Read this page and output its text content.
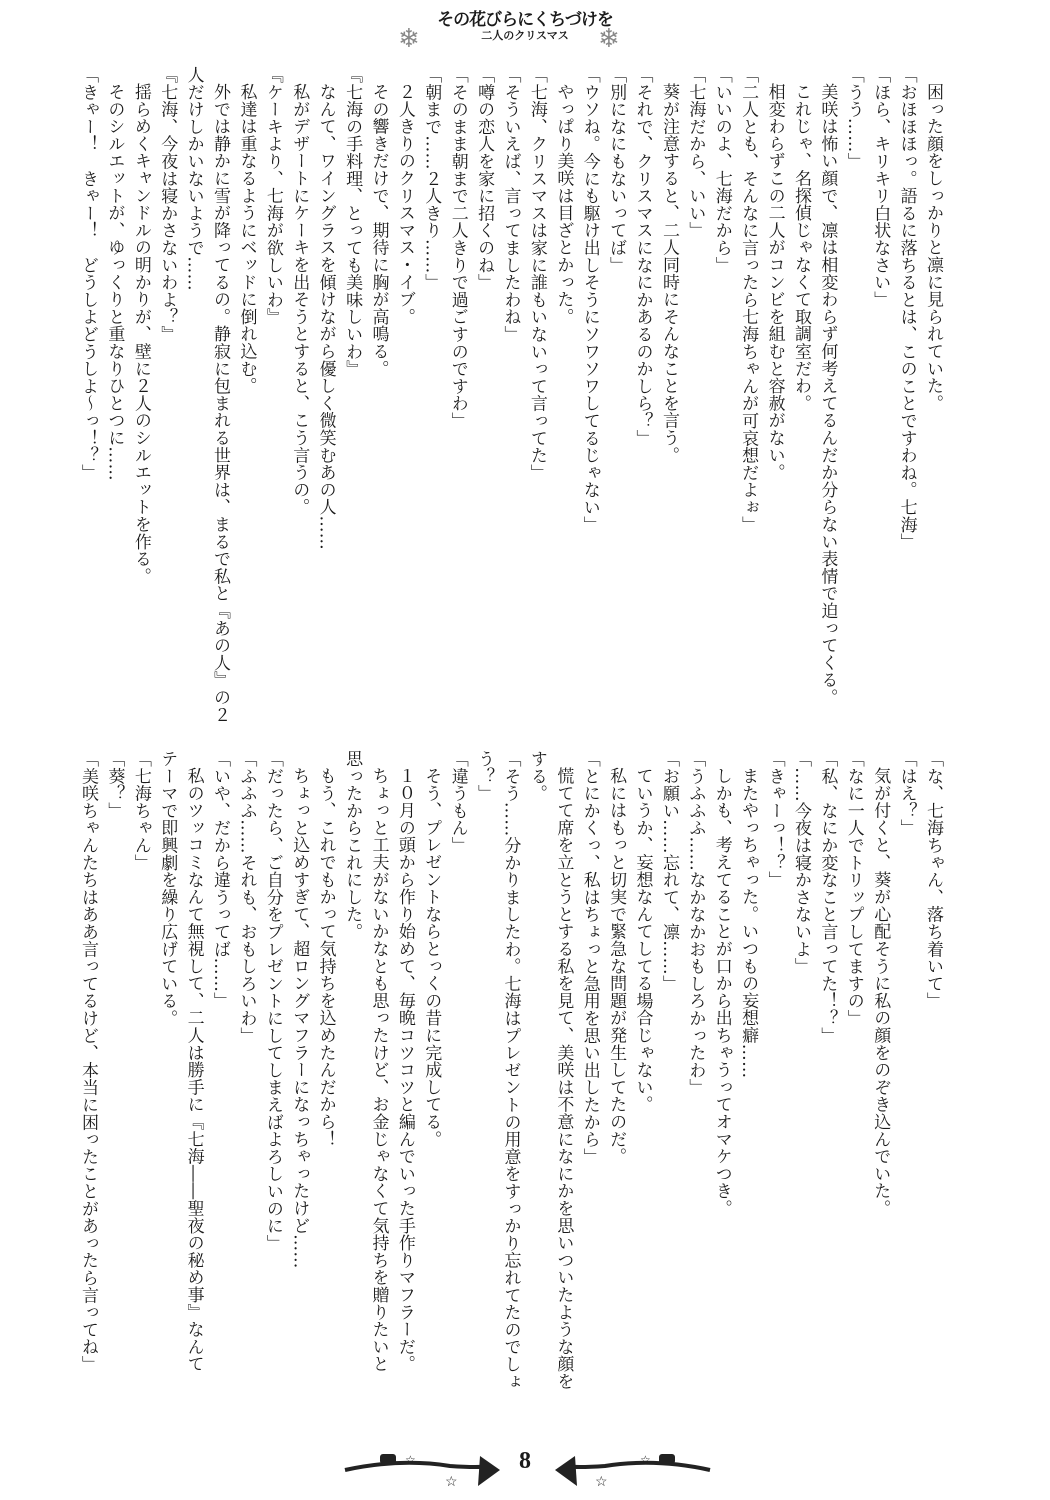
❄
その花びらにくちづけを
二人のクリスマス	❄

困った顔をしっかりと凛に見られていた。

「おほほほっ。語るに落ちるとは、このことですわね。七海」

「ほら、キリキリ白状なさい」

「うう……」

美咲は怖い顔で、凛は相変わらず何考えてるんだか分らない表情で迫ってくる。

これじゃ、名探偵じゃなくて取調室だわ。

相変わらずこの二人がコンビを組むと容赦がない。

「二人とも、そんなに言ったら七海ちゃんが可哀想だよぉ」

「いいのよ、七海だから」

「七海だから、いい」

葵が注意すると、二人同時にそんなことを言う。

「それで、クリスマスになにかあるのかしら？」

「別になにもないってば」

「ウソね。今にも駆け出しそうにソワソワしてるじゃない」

やっぱり美咲は目ざとかった。

「七海、クリスマスは家に誰もいないって言ってた」

「そういえば、言ってましたわね」

「噂の恋人を家に招くのね」

「そのまま朝まで二人きりで過ごすのですわ」

「朝まで……２人きり……」

２人きりのクリスマス・イブ。

その響きだけで、期待に胸が高鳴る。

『七海の手料理、とっても美味しいわ』

なんて、ワイングラスを傾けながら優しく微笑むあの人……

私がデザートにケーキを出そうとすると、こう言うの。

『ケーキより、七海が欲しいわ』

私達は重なるようにベッドに倒れ込む。

外では静かに雪が降ってるの。静寂に包まれる世界は、まるで私と『あの人』の２

人だけしかいないようで……

『七海、今夜は寝かさないわよ？』

揺らめくキャンドルの明かりが、壁に２人のシルエットを作る。

そのシルエットが、ゆっくりと重なりひとつに……

「きゃー！　きゃー！　どうしよどうしよ～っ！？」

「な、七海ちゃん、落ち着いて」

「はえ？」

気が付くと、葵が心配そうに私の顔をのぞき込んでいた。

「なに一人でトリップしてますの」

「私、なにか変なこと言ってた！？」

「……今夜は寝かさないよ」

「きゃーっ！？」

またやっちゃった。いつもの妄想癖……

しかも、考えてることが口から出ちゃうってオマケつき。

「うふふふ……なかなかおもしろかったわ」

「お願い……忘れて、凛……」

ていうか、妄想なんてしてる場合じゃない。

私にはもっと切実で緊急な問題が発生してたのだ。

「とにかくっ、私はちょっと急用を思い出したから」

慌てて席を立とうとする私を見て、美咲は不意になにかを思いついたような顔を

する。

「そう……分かりましたわ。七海はプレゼントの用意をすっかり忘れてたのでしょ

う？」

「違うもん」

そう、プレゼントならとっくの昔に完成してる。

１０月の頭から作り始めて、毎晩コツコツと編んでいった手作りマフラーだ。

ちょっと工夫がないかなとも思ったけど、お金じゃなくて気持ちを贈りたいと

思ったからこれにした。

もう、これでもかって気持ちを込めたんだから！

ちょっと込めすぎて、超ロングマフラーになっちゃったけど……

「だったら、ご自分をプレゼントにしてしまえばよろしいのに」

「ふふふ……それも、おもしろいわ」

「いや、だから違うってば……」

私のツッコミなんて無視して、二人は勝手に『七海――聖夜の秘め事』なんて

テーマで即興劇を繰り広げている。

「七海ちゃん」

「葵？」

「美咲ちゃんたちはああ言ってるけど、本当に困ったことがあったら言ってね」

☆
☆
8	☆
☆
